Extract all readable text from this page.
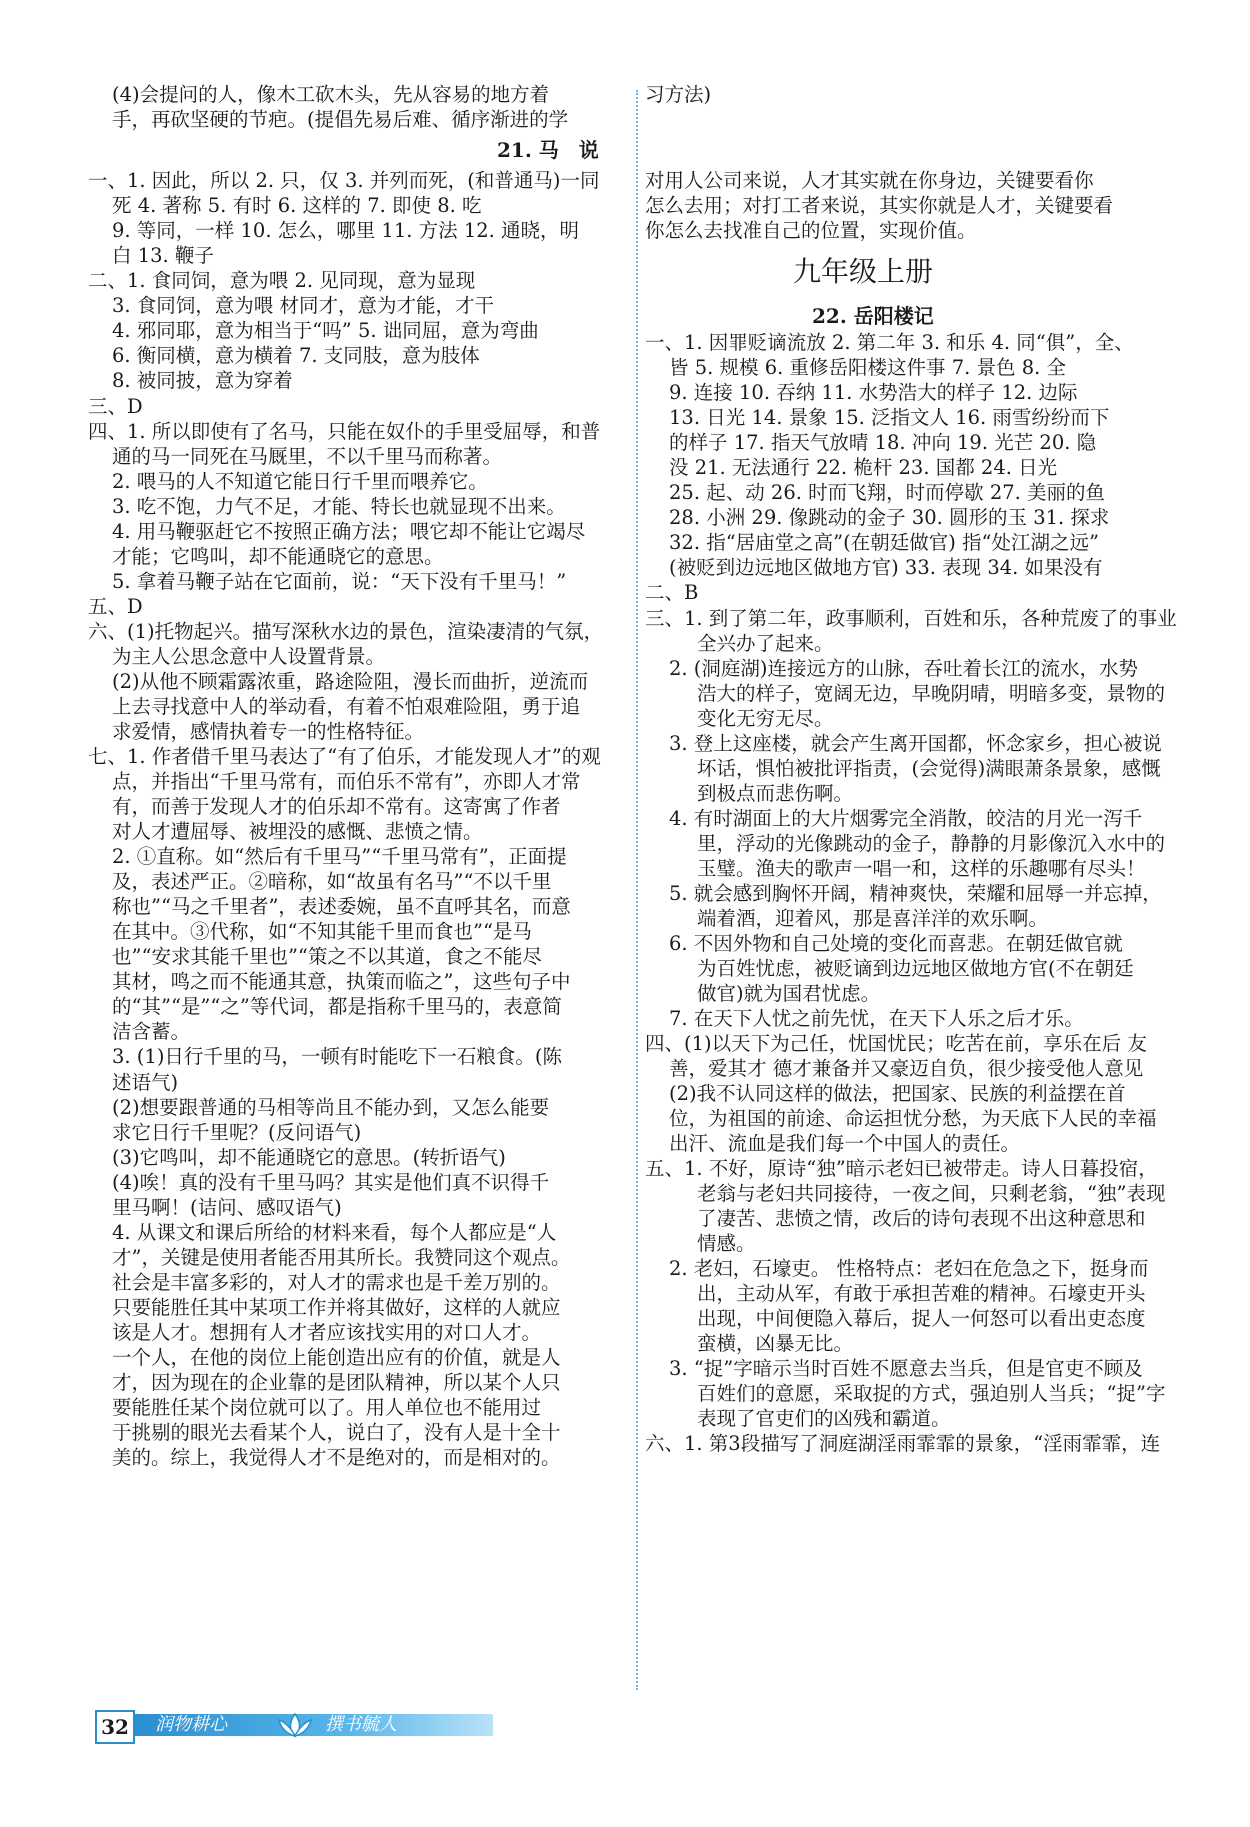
(4)会提问的人，像木工砍木头，先从容易的地方着
手，再砍坚硬的节疤。(提倡先易后难、循序渐进的学
一、1. 因此，所以 2. 只，仅 3. 并列而死，(和普通马)一同
死 4. 著称 5. 有时 6. 这样的 7. 即使 8. 吃
9. 等同，一样 10. 怎么，哪里 11. 方法 12. 通晓，明
白 13. 鞭子
二、1. 食同饲，意为喂 2. 见同现，意为显现
3. 食同饲，意为喂 材同才，意为才能，才干
4. 邪同耶，意为相当于“吗” 5. 诎同屈，意为弯曲
6. 衡同横，意为横着 7. 支同肢，意为肢体
8. 被同披，意为穿着
三、D
四、1. 所以即使有了名马，只能在奴仆的手里受屈辱，和普
通的马一同死在马厩里，不以千里马而称著。
2. 喂马的人不知道它能日行千里而喂养它。
3. 吃不饱，力气不足，才能、特长也就显现不出来。
4. 用马鞭驱赶它不按照正确方法；喂它却不能让它竭尽
才能；它鸣叫，却不能通晓它的意思。
5. 拿着马鞭子站在它面前，说：“天下没有千里马！”
五、D
六、(1)托物起兴。描写深秋水边的景色，渲染凄清的气氛，
为主人公思念意中人设置背景。
(2)从他不顾霜露浓重，路途险阻，漫长而曲折，逆流而
上去寻找意中人的举动看，有着不怕艰难险阻，勇于追
求爱情，感情执着专一的性格特征。
七、1. 作者借千里马表达了“有了伯乐，才能发现人才”的观
点，并指出“千里马常有，而伯乐不常有”，亦即人才常
有，而善于发现人才的伯乐却不常有。这寄寓了作者
对人才遭屈辱、被埋没的感慨、悲愤之情。
2. ①直称。如“然后有千里马”“千里马常有”，正面提
及，表述严正。②暗称，如“故虽有名马”“不以千里
称也”“马之千里者”，表述委婉，虽不直呼其名，而意
在其中。③代称，如“不知其能千里而食也”“是马
也”“安求其能千里也”“策之不以其道，食之不能尽
其材，鸣之而不能通其意，执策而临之”，这些句子中
的“其”“是”“之”等代词，都是指称千里马的，表意简
洁含蓄。
3. (1)日行千里的马，一顿有时能吃下一石粮食。(陈
述语气)
(2)想要跟普通的马相等尚且不能办到，又怎么能要
求它日行千里呢？(反问语气)
(3)它鸣叫，却不能通晓它的意思。(转折语气)
(4)唉！真的没有千里马吗？其实是他们真不识得千
里马啊！(诘问、感叹语气)
4. 从课文和课后所给的材料来看，每个人都应是“人
才”，关键是使用者能否用其所长。我赞同这个观点。
社会是丰富多彩的，对人才的需求也是千差万别的。
只要能胜任其中某项工作并将其做好，这样的人就应
该是人才。想拥有人才者应该找实用的对口人才。
一个人，在他的岗位上能创造出应有的价值，就是人
才，因为现在的企业靠的是团队精神，所以某个人只
要能胜任某个岗位就可以了。用人单位也不能用过
于挑剔的眼光去看某个人，说白了，没有人是十全十
美的。综上，我觉得人才不是绝对的，而是相对的。
习方法)
对用人公司来说，人才其实就在你身边，关键要看你
怎么去用；对打工者来说，其实你就是人才，关键要看
你怎么去找准自己的位置，实现价值。
一、1. 因罪贬谪流放 2. 第二年 3. 和乐 4. 同“俱”，全、
皆 5. 规模 6. 重修岳阳楼这件事 7. 景色 8. 全
9. 连接 10. 吞纳 11. 水势浩大的样子 12. 边际
13. 日光 14. 景象 15. 泛指文人 16. 雨雪纷纷而下
的样子 17. 指天气放晴 18. 冲向 19. 光芒 20. 隐
没 21. 无法通行 22. 桅杆 23. 国都 24. 日光
25. 起、动 26. 时而飞翔，时而停歇 27. 美丽的鱼
28. 小洲 29. 像跳动的金子 30. 圆形的玉 31. 探求
32. 指“居庙堂之高”(在朝廷做官) 指“处江湖之远”
(被贬到边远地区做地方官) 33. 表现 34. 如果没有
二、B
三、1. 到了第二年，政事顺利，百姓和乐，各种荒废了的事业
全兴办了起来。
2. (洞庭湖)连接远方的山脉，吞吐着长江的流水，水势
浩大的样子，宽阔无边，早晚阴晴，明暗多变，景物的
变化无穷无尽。
3. 登上这座楼，就会产生离开国都，怀念家乡，担心被说
坏话，惧怕被批评指责，(会觉得)满眼萧条景象，感慨
到极点而悲伤啊。
4. 有时湖面上的大片烟雾完全消散，皎洁的月光一泻千
里，浮动的光像跳动的金子，静静的月影像沉入水中的
玉璧。渔夫的歌声一唱一和，这样的乐趣哪有尽头！
5. 就会感到胸怀开阔，精神爽快，荣耀和屈辱一并忘掉，
端着酒，迎着风，那是喜洋洋的欢乐啊。
6. 不因外物和自己处境的变化而喜悲。在朝廷做官就
为百姓忧虑，被贬谪到边远地区做地方官(不在朝廷
做官)就为国君忧虑。
7. 在天下人忧之前先忧，在天下人乐之后才乐。
四、(1)以天下为己任，忧国忧民；吃苦在前，享乐在后 友
善，爱其才 德才兼备并又豪迈自负，很少接受他人意见
(2)我不认同这样的做法，把国家、民族的利益摆在首
位，为祖国的前途、命运担忧分愁，为天底下人民的幸福
出汗、流血是我们每一个中国人的责任。
五、1. 不好，原诗“独”暗示老妇已被带走。诗人日暮投宿，
老翁与老妇共同接待，一夜之间，只剩老翁，“独”表现
了凄苦、悲愤之情，改后的诗句表现不出这种意思和
情感。
2. 老妇，石壕吏。 性格特点：老妇在危急之下，挺身而
出，主动从军，有敢于承担苦难的精神。石壕吏开头
出现，中间便隐入幕后，捉人一何怒可以看出吏态度
蛮横，凶暴无比。
3. “捉”字暗示当时百姓不愿意去当兵，但是官吏不顾及
百姓们的意愿，采取捉的方式，强迫别人当兵；“捉”字
表现了官吏们的凶残和霸道。
六、1. 第3段描写了洞庭湖淫雨霏霏的景象，“淫雨霏霏，连
21. 马　说
九年级上册
22. 岳阳楼记
32	润物耕心	撰书毓人
